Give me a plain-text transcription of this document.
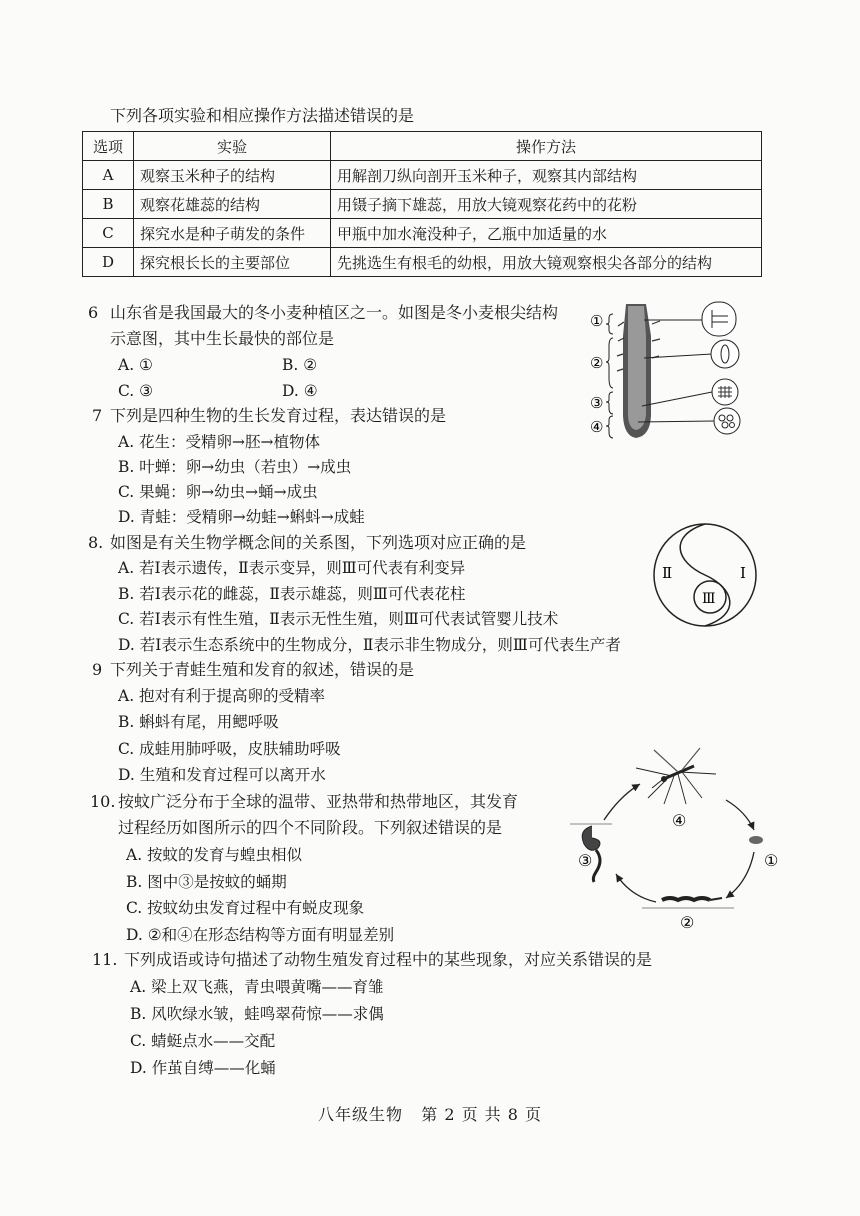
下列各项实验和相应操作方法描述错误的是
选项	实验	操作方法
A	观察玉米种子的结构	用解剖刀纵向剖开玉米种子，观察其内部结构
B	观察花雄蕊的结构	用镊子摘下雄蕊，用放大镜观察花药中的花粉
C	探究水是种子萌发的条件	甲瓶中加水淹没种子，乙瓶中加适量的水
D	探究根长长的主要部位	先挑选生有根毛的幼根，用放大镜观察根尖各部分的结构
6 山东省是我国最大的冬小麦种植区之一。如图是冬小麦根尖结构
示意图，其中生长最快的部位是
A. ①	B. ②
C. ③	D. ④
①
②
③
④
7 下列是四种生物的生长发育过程，表达错误的是
A. 花生：受精卵→胚→植物体
B. 叶蝉：卵→幼虫（若虫）→成虫
C. 果蝇：卵→幼虫→蛹→成虫
D. 青蛙：受精卵→幼蛙→蝌蚪→成蛙
8. 如图是有关生物学概念间的关系图，下列选项对应正确的是
A. 若Ⅰ表示遗传，Ⅱ表示变异，则Ⅲ可代表有利变异
B. 若Ⅰ表示花的雌蕊，Ⅱ表示雄蕊，则Ⅲ可代表花柱
C. 若Ⅰ表示有性生殖，Ⅱ表示无性生殖，则Ⅲ可代表试管婴儿技术
D. 若Ⅰ表示生态系统中的生物成分，Ⅱ表示非生物成分，则Ⅲ可代表生产者
Ⅱ	Ⅰ
Ⅲ
9 下列关于青蛙生殖和发育的叙述，错误的是
A. 抱对有利于提高卵的受精率
B. 蝌蚪有尾，用鳃呼吸
C. 成蛙用肺呼吸，皮肤辅助呼吸
D. 生殖和发育过程可以离开水
10. 按蚊广泛分布于全球的温带、亚热带和热带地区，其发育
过程经历如图所示的四个不同阶段。下列叙述错误的是
A. 按蚊的发育与蝗虫相似
B. 图中③是按蚊的蛹期
C. 按蚊幼虫发育过程中有蜕皮现象
D. ②和④在形态结构等方面有明显差别
④
③	①
②
11. 下列成语或诗句描述了动物生殖发育过程中的某些现象，对应关系错误的是
A. 梁上双飞燕，青虫喂黄嘴——育雏
B. 风吹绿水皱，蛙鸣翠荷惊——求偶
C. 蜻蜓点水——交配
D. 作茧自缚——化蛹
八年级生物   第 2 页 共 8 页
